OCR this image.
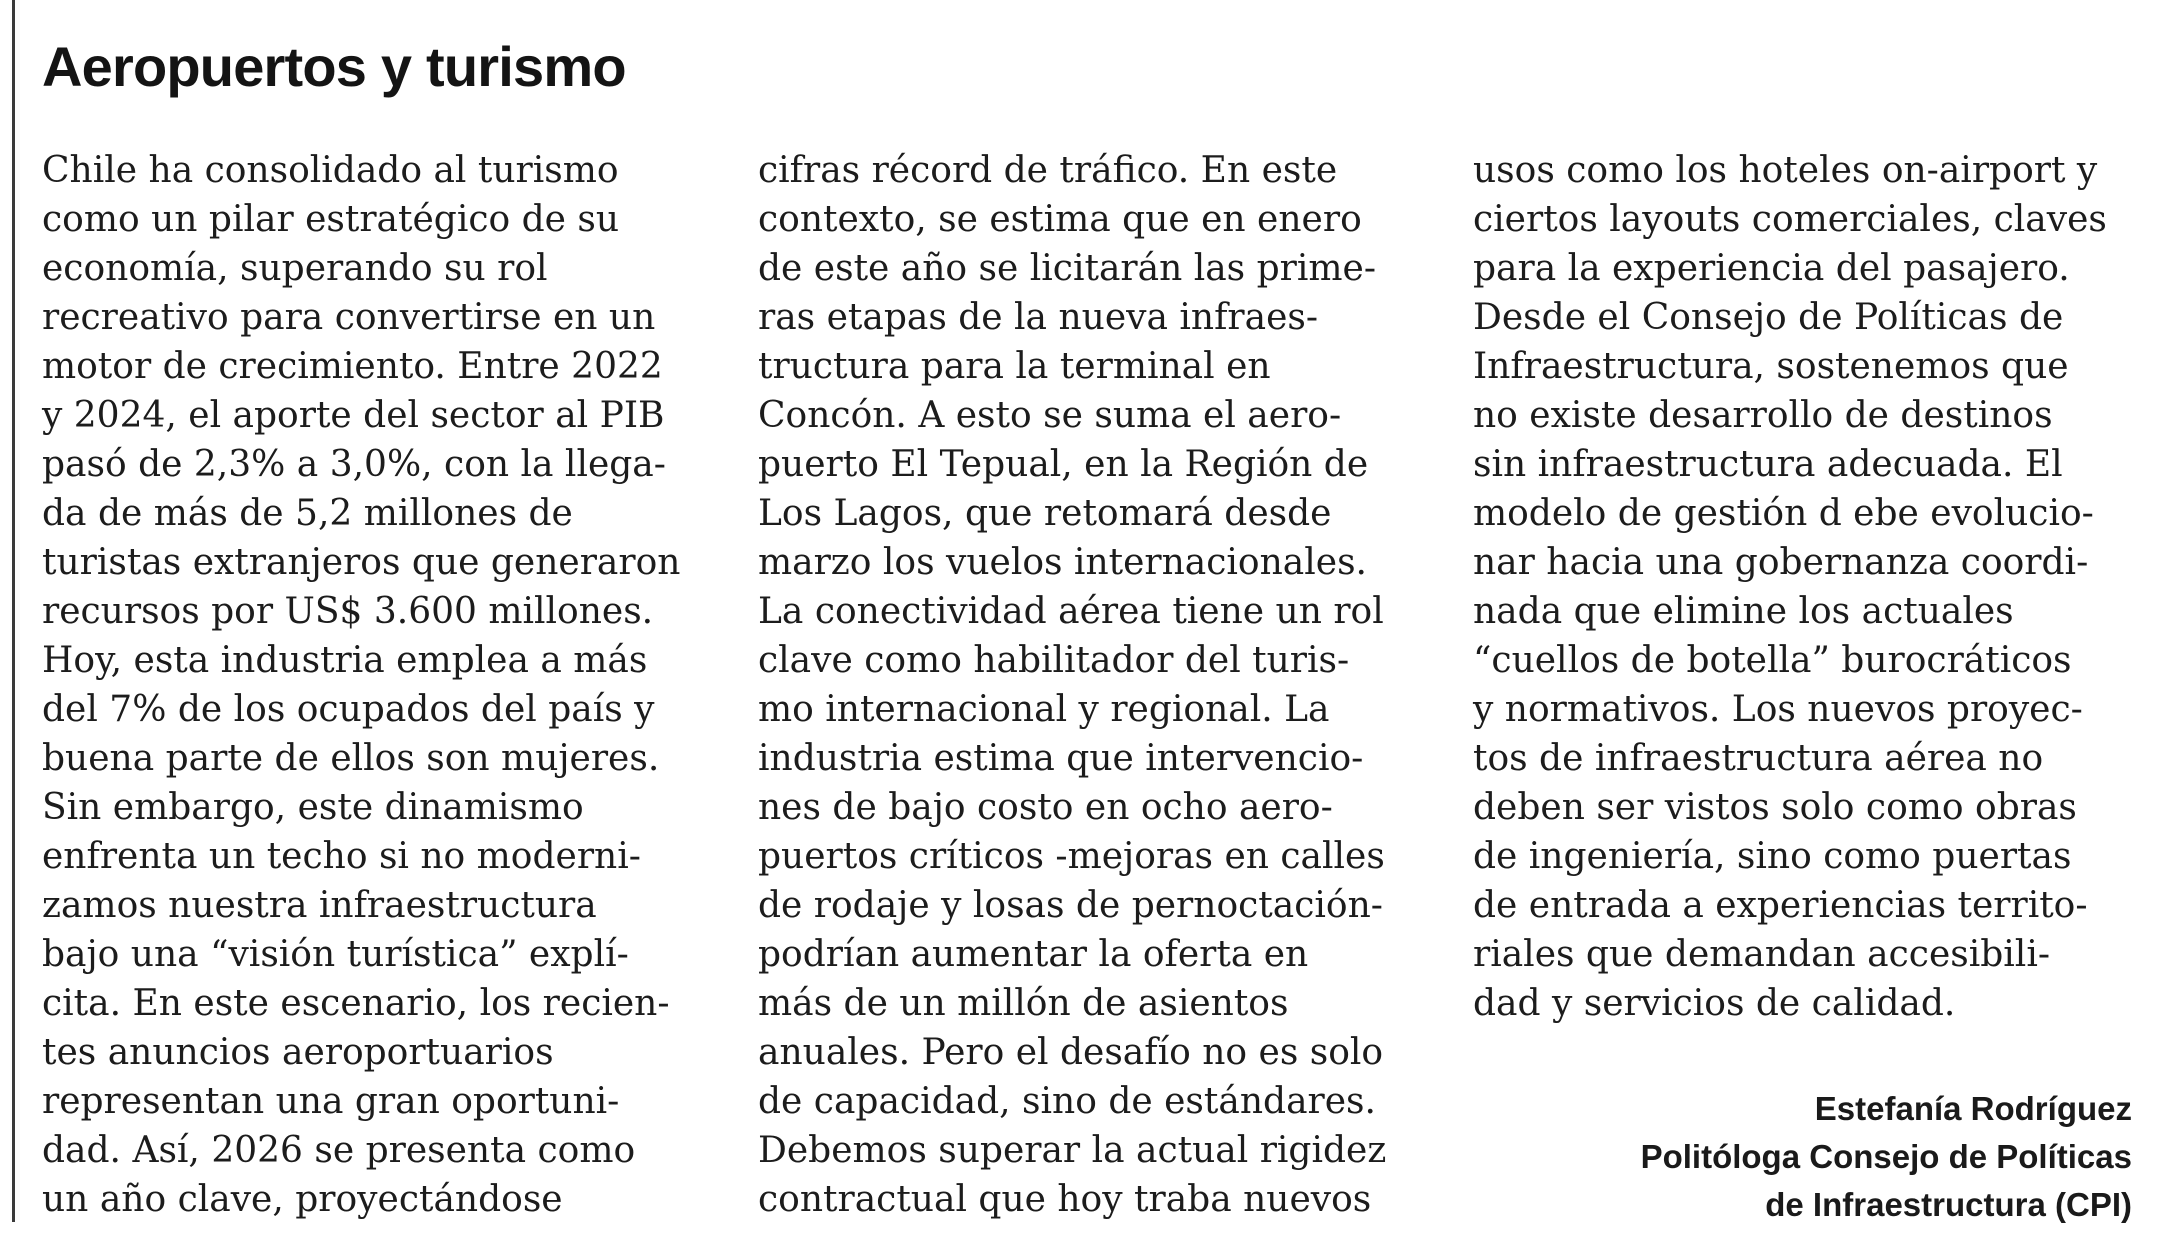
Aeropuertos y turismo
Chile ha consolidado al turismo
como un pilar estratégico de su
economía, superando su rol
recreativo para convertirse en un
motor de crecimiento. Entre 2022
y 2024, el aporte del sector al PIB
pasó de 2,3% a 3,0%, con la llega-
da de más de 5,2 millones de
turistas extranjeros que generaron
recursos por US$ 3.600 millones.
Hoy, esta industria emplea a más
del 7% de los ocupados del país y
buena parte de ellos son mujeres.
Sin embargo, este dinamismo
enfrenta un techo si no moderni-
zamos nuestra infraestructura
bajo una “visión turística” explí-
cita. En este escenario, los recien-
tes anuncios aeroportuarios
representan una gran oportuni-
dad. Así, 2026 se presenta como
un año clave, proyectándose
cifras récord de tráfico. En este
contexto, se estima que en enero
de este año se licitarán las prime-
ras etapas de la nueva infraes-
tructura para la terminal en
Concón. A esto se suma el aero-
puerto El Tepual, en la Región de
Los Lagos, que retomará desde
marzo los vuelos internacionales.
La conectividad aérea tiene un rol
clave como habilitador del turis-
mo internacional y regional. La
industria estima que intervencio-
nes de bajo costo en ocho aero-
puertos críticos -mejoras en calles
de rodaje y losas de pernoctación-
podrían aumentar la oferta en
más de un millón de asientos
anuales. Pero el desafío no es solo
de capacidad, sino de estándares.
Debemos superar la actual rigidez
contractual que hoy traba nuevos
usos como los hoteles on-airport y
ciertos layouts comerciales, claves
para la experiencia del pasajero.
Desde el Consejo de Políticas de
Infraestructura, sostenemos que
no existe desarrollo de destinos
sin infraestructura adecuada. El
modelo de gestión d ebe evolucio-
nar hacia una gobernanza coordi-
nada que elimine los actuales
“cuellos de botella” burocráticos
y normativos. Los nuevos proyec-
tos de infraestructura aérea no
deben ser vistos solo como obras
de ingeniería, sino como puertas
de entrada a experiencias territo-
riales que demandan accesibili-
dad y servicios de calidad.
Estefanía Rodríguez
Politóloga Consejo de Políticas
de Infraestructura (CPI)
